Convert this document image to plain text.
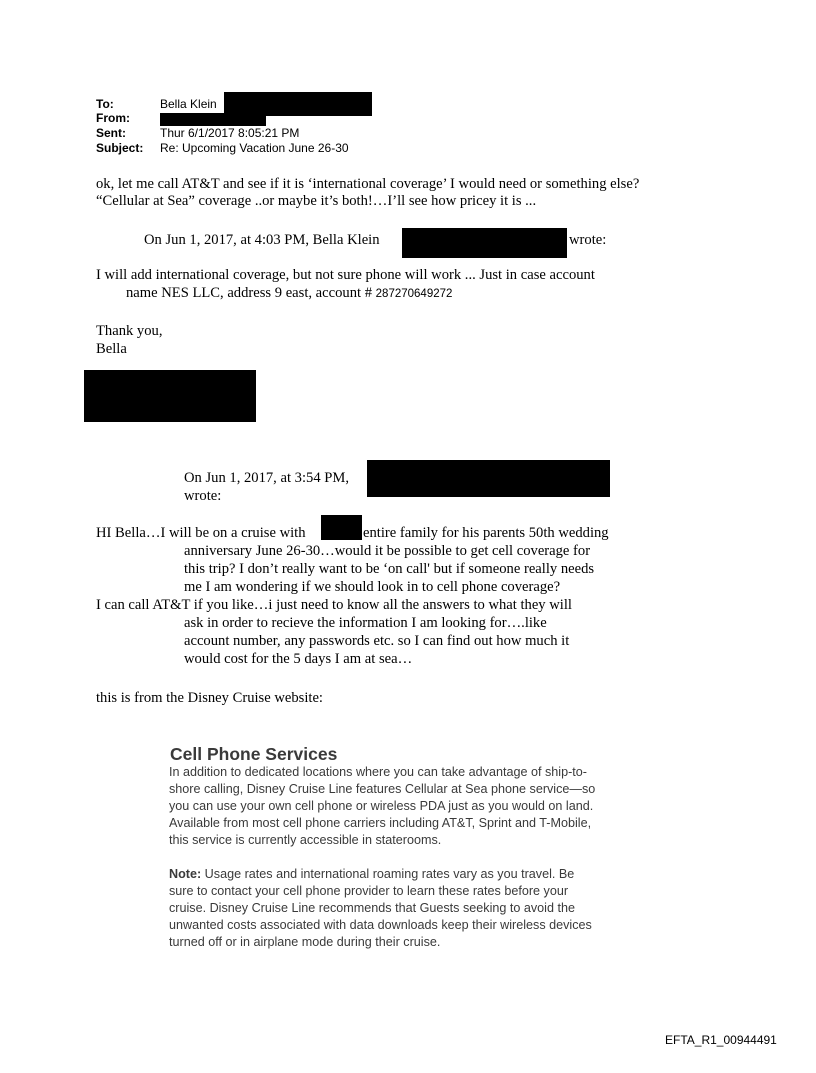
To:	Bella Klein
From:
Sent:	Thur 6/1/2017 8:05:21 PM
Subject: Re: Upcoming Vacation June 26-30
ok, let me call AT&T and see if it is ‘international coverage’ I would need or something else?
“Cellular at Sea” coverage ..or maybe it’s both!…I’ll see how pricey it is ...
On Jun 1, 2017, at 4:03 PM, Bella Klein	wrote:
I will add international coverage, but not sure phone will work ... Just in case account
name NES LLC, address 9 east, account # 287270649272
Thank you,
Bella
On Jun 1, 2017, at 3:54 PM,
wrote:
HI Bella…I will be on a cruise with	entire family for his parents 50th wedding
anniversary June 26-30…would it be possible to get cell coverage for
this trip? I don’t really want to be ‘on call' but if someone really needs
me I am wondering if we should look in to cell phone coverage?
I can call AT&T if you like…i just need to know all the answers to what they will
ask in order to recieve the information I am looking for….like
account number, any passwords etc. so I can find out how much it
would cost for the 5 days I am at sea…
this is from the Disney Cruise website:
Cell Phone Services
In addition to dedicated locations where you can take advantage of ship-to-
shore calling, Disney Cruise Line features Cellular at Sea phone service—so
you can use your own cell phone or wireless PDA just as you would on land.
Available from most cell phone carriers including AT&T, Sprint and T-Mobile,
this service is currently accessible in staterooms.
Note: Usage rates and international roaming rates vary as you travel. Be
sure to contact your cell phone provider to learn these rates before your
cruise. Disney Cruise Line recommends that Guests seeking to avoid the
unwanted costs associated with data downloads keep their wireless devices
turned off or in airplane mode during their cruise.
EFTA_R1_00944491
